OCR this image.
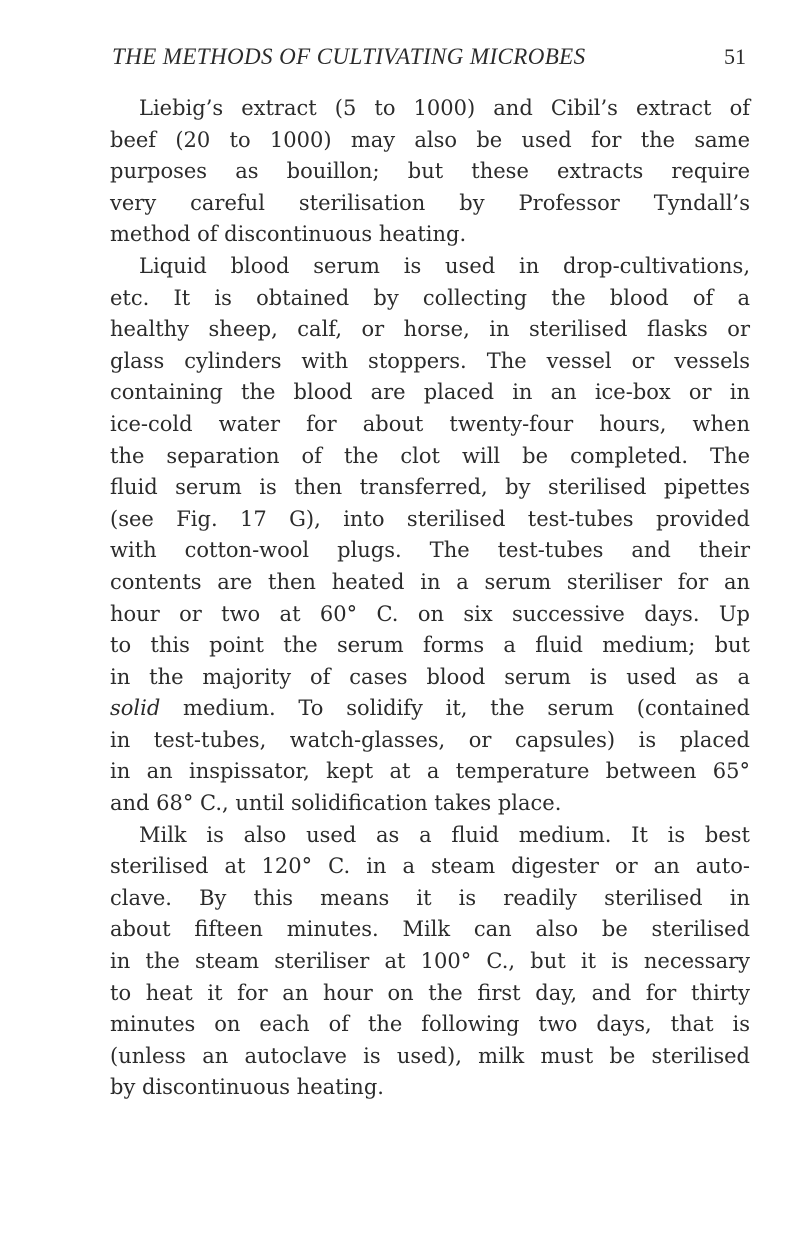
THE METHODS OF CULTIVATING MICROBES	51
Liebig’s extract (5 to 1000) and Cibil’s extract of
beef (20 to 1000) may also be used for the same
purposes as bouillon; but these extracts require
very careful sterilisation by Professor Tyndall’s
method of discontinuous heating.
Liquid blood serum is used in drop-cultivations,
etc. It is obtained by collecting the blood of a
healthy sheep, calf, or horse, in sterilised flasks or
glass cylinders with stoppers. The vessel or vessels
containing the blood are placed in an ice-box or in
ice-cold water for about twenty-four hours, when
the separation of the clot will be completed. The
fluid serum is then transferred, by sterilised pipettes
(see Fig. 17 G), into sterilised test-tubes provided
with cotton-wool plugs. The test-tubes and their
contents are then heated in a serum steriliser for an
hour or two at 60° C. on six successive days. Up
to this point the serum forms a fluid medium; but
in the majority of cases blood serum is used as a
solid medium. To solidify it, the serum (contained
in test-tubes, watch-glasses, or capsules) is placed
in an inspissator, kept at a temperature between 65°
and 68° C., until solidification takes place.
Milk is also used as a fluid medium. It is best
sterilised at 120° C. in a steam digester or an auto-
clave. By this means it is readily sterilised in
about fifteen minutes. Milk can also be sterilised
in the steam steriliser at 100° C., but it is necessary
to heat it for an hour on the first day, and for thirty
minutes on each of the following two days, that is
(unless an autoclave is used), milk must be sterilised
by discontinuous heating.
